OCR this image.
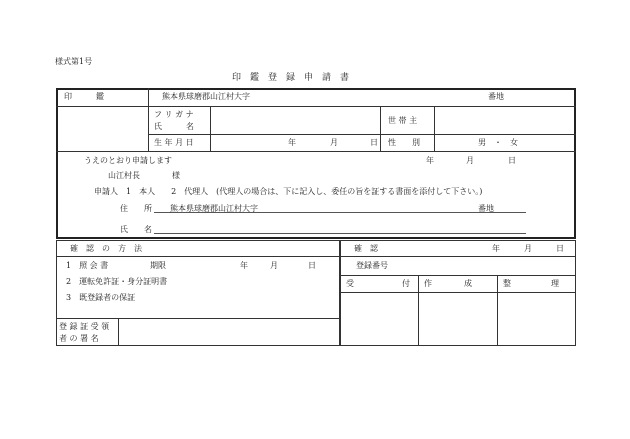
様式第1号
印　鑑　登　録　申　請　書
印　　　鑑	熊本県球磨郡山江村大字	番地
フ リ ガ ナ
氏　　　名
世 帯 主
生 年 月 日	年	月	日 性　　別	男　・　女
うえのとおり申請します	年	月	日
山江村長	様
申請人　1　本人　　2　代理人　(代理人の場合は、下に記入し、委任の旨を証する書面を添付して下さい。)
住　　所 熊本県球磨郡山江村大字	番地
氏　　名
確　認　の　方　法
1　照 会 書	期限	年	月	日
2　運転免許証・身分証明書
3　既登録者の保証
登 録 証 受 領
者 の 署 名
確　認	年	月	日
登録番号
受　　　　　　付 作　　　　成	整　　　　　理
